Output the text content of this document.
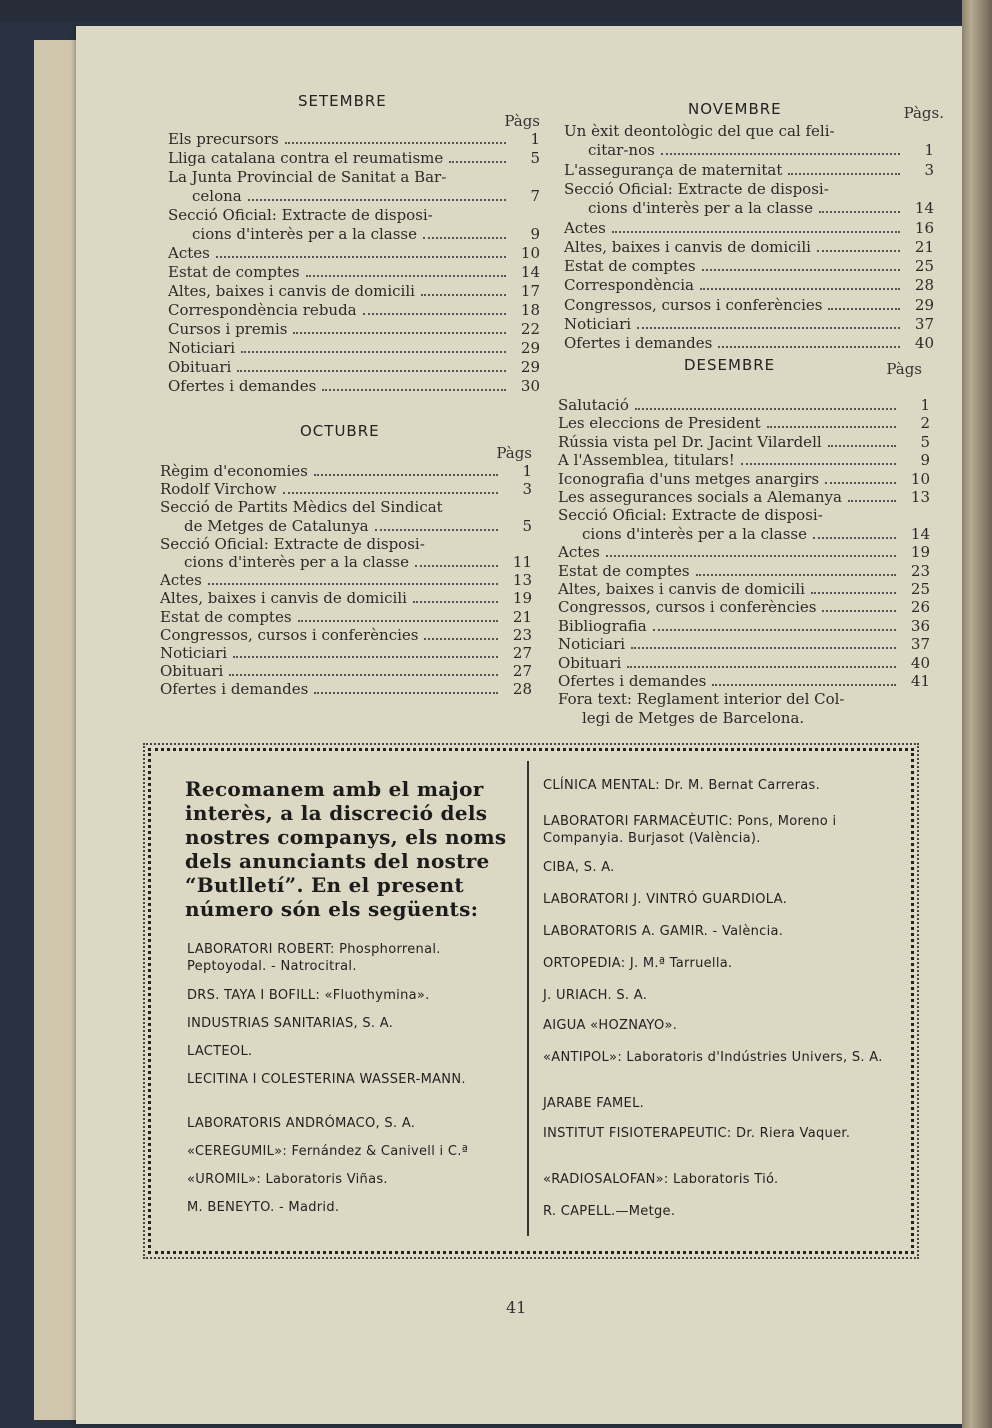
SETEMBRE
Pàgs
Els precursors	1
Lliga catalana contra el reumatisme	5
La Junta Provincial de Sanitat a Bar-
celona	7
Secció Oficial: Extracte de disposi-
cions d'interès per a la classe	9
Actes	10
Estat de comptes	14
Altes, baixes i canvis de domicili	17
Correspondència rebuda	18
Cursos i premis	22
Noticiari	29
Obituari	29
Ofertes i demandes	30
OCTUBRE
Pàgs
Règim d'economies	1
Rodolf Virchow	3
Secció de Partits Mèdics del Sindicat
de Metges de Catalunya	5
Secció Oficial: Extracte de disposi-
cions d'interès per a la classe	11
Actes	13
Altes, baixes i canvis de domicili	19
Estat de comptes	21
Congressos, cursos i conferències	23
Noticiari	27
Obituari	27
Ofertes i demandes	28
NOVEMBRE	Pàgs.
Un èxit deontològic del que cal feli-
citar-nos	1
L'assegurança de maternitat	3
Secció Oficial: Extracte de disposi-
cions d'interès per a la classe	14
Actes	16
Altes, baixes i canvis de domicili	21
Estat de comptes	25
Correspondència	28
Congressos, cursos i conferències	29
Noticiari	37
Ofertes i demandes	40
DESEMBRE	Pàgs
Salutació	1
Les eleccions de President	2
Rússia vista pel Dr. Jacint Vilardell	5
A l'Assemblea, titulars!	9
Iconografia d'uns metges anargirs	10
Les assegurances socials a Alemanya	13
Secció Oficial: Extracte de disposi-
cions d'interès per a la classe	14
Actes	19
Estat de comptes	23
Altes, baixes i canvis de domicili	25
Congressos, cursos i conferències	26
Bibliografia	36
Noticiari	37
Obituari	40
Ofertes i demandes	41
Fora text: Reglament interior del Col-
legi de Metges de Barcelona.
Recomanem amb el major interès, a la discreció dels nostres companys, els noms dels anunciants del nostre “Butlletí”. En el present número són els següents:
LABORATORI ROBERT: Phosphorrenal. Peptoyodal. - Natrocitral.
DRS. TAYA I BOFILL: «Fluothymina».
INDUSTRIAS SANITARIAS, S. A.
LACTEOL.
LECITINA I COLESTERINA WASSER-MANN.
LABORATORIS ANDRÓMACO, S. A.
«CEREGUMIL»: Fernández & Canivell i C.ª
«UROMIL»: Laboratoris Viñas.
M. BENEYTO. - Madrid.
CLÍNICA MENTAL: Dr. M. Bernat Carreras.
LABORATORI FARMACÈUTIC: Pons, Moreno i Companyia. Burjasot (València).
CIBA, S. A.
LABORATORI J. VINTRÓ GUARDIOLA.
LABORATORIS A. GAMIR. - València.
ORTOPEDIA: J. M.ª Tarruella.
J. URIACH. S. A.
AIGUA «HOZNAYO».
«ANTIPOL»: Laboratoris d'Indústries Univers, S. A.
JARABE FAMEL.
INSTITUT FISIOTERAPEUTIC: Dr. Riera Vaquer.
«RADIOSALOFAN»: Laboratoris Tió.
R. CAPELL.—Metge.
41
